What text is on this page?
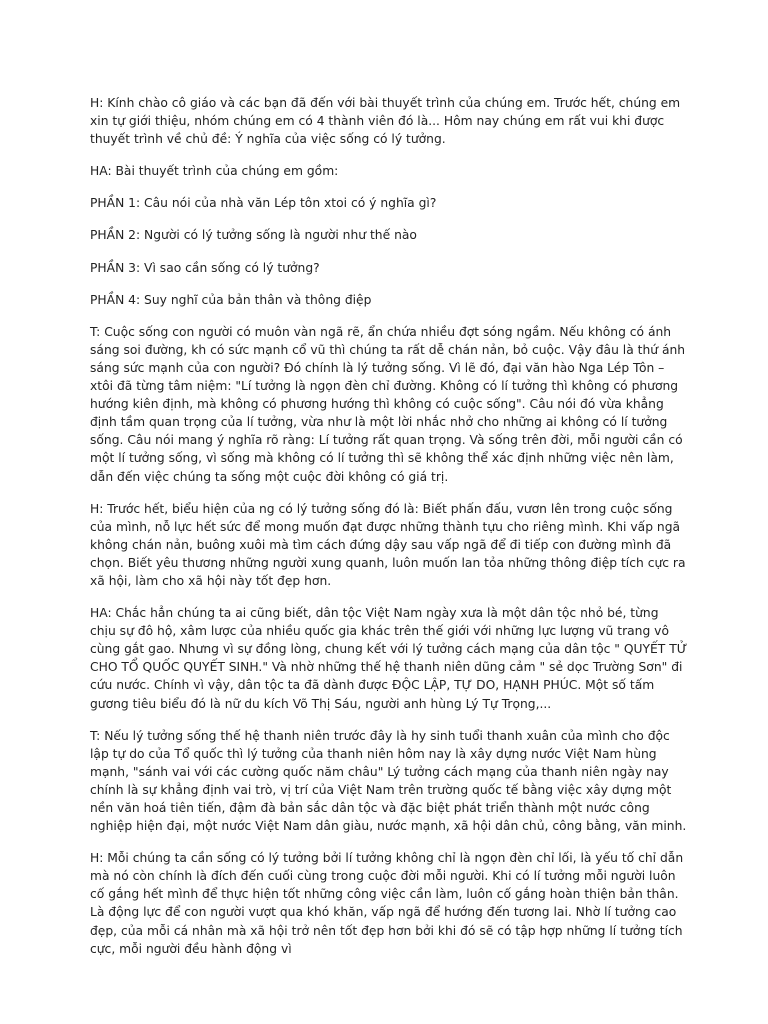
H: Kính chào cô giáo và các bạn đã đến với bài thuyết trình của chúng em. Trước hết, chúng em xin tự giới thiệu, nhóm chúng em có 4 thành viên đó là... Hôm nay chúng em rất vui khi được thuyết trình về chủ đề: Ý nghĩa của việc sống có lý tưởng.

HA: Bài thuyết trình của chúng em gồm:

PHẦN 1: Câu nói của nhà văn Lép tôn xtoi có ý nghĩa gì?

PHẦN 2: Người có lý tưởng sống là người như thế nào

PHẦN 3: Vì sao cần sống có lý tưởng?

PHẦN 4: Suy nghĩ của bản thân và thông điệp

T: Cuộc sống con người có muôn vàn ngã rẽ, ẩn chứa nhiều đợt sóng ngầm. Nếu không có ánh sáng soi đường, kh có sức mạnh cổ vũ thì chúng ta rất dễ chán nản, bỏ cuộc. Vậy đâu là thứ ánh sáng sức mạnh của con người? Đó chính là lý tưởng sống. Vì lẽ đó, đại văn hào Nga Lép Tôn – xtôi đã từng tâm niệm: "Lí tưởng là ngọn đèn chỉ đường. Không có lí tưởng thì không có phương hướng kiên định, mà không có phương hướng thì không có cuộc sống". Câu nói đó vừa khẳng định tầm quan trọng của lí tưởng, vừa như là một lời nhắc nhở cho những ai không có lí tưởng sống. Câu nói mang ý nghĩa rõ ràng: Lí tưởng rất quan trọng. Và sống trên đời, mỗi người cần có một lí tưởng sống, vì sống mà không có lí tưởng thì sẽ không thể xác định những việc nên làm, dẫn đến việc chúng ta sống một cuộc đời không có giá trị.

H: Trước hết, biểu hiện của ng có lý tưởng sống đó là: Biết phấn đấu, vươn lên trong cuộc sống của mình, nỗ lực hết sức để mong muốn đạt được những thành tựu cho riêng mình. Khi vấp ngã không chán nản, buông xuôi mà tìm cách đứng dậy sau vấp ngã để đi tiếp con đường mình đã chọn. Biết yêu thương những người xung quanh, luôn muốn lan tỏa những thông điệp tích cực ra xã hội, làm cho xã hội này tốt đẹp hơn.

HA: Chắc hẳn chúng ta ai cũng biết, dân tộc Việt Nam ngày xưa là một dân tộc nhỏ bé, từng chịu sự đô hộ, xâm lược của nhiều quốc gia khác trên thế giới với những lực lượng vũ trang vô cùng gắt gao. Nhưng vì sự đồng lòng, chung kết với lý tưởng cách mạng của dân tộc " QUYẾT TỬ CHO TỔ QUỐC QUYẾT SINH." Và nhờ những thế hệ thanh niên dũng cảm " sẻ dọc Trường Sơn" đi cứu nước. Chính vì vậy, dân tộc ta đã dành được ĐỘC LẬP, TỰ DO, HẠNH PHÚC. Một số tấm gương tiêu biểu đó là nữ du kích Võ Thị Sáu, người anh hùng Lý Tự Trọng,...

T: Nếu lý tưởng sống thế hệ thanh niên trước đây là hy sinh tuổi thanh xuân của mình cho độc lập tự do của Tổ quốc thì lý tưởng của thanh niên hôm nay là xây dựng nước Việt Nam hùng mạnh, "sánh vai với các cường quốc năm châu" Lý tưởng cách mạng của thanh niên ngày nay chính là sự khẳng định vai trò, vị trí của Việt Nam trên trường quốc tế bằng việc xây dựng một nền văn hoá tiên tiến, đậm đà bản sắc dân tộc và đặc biệt phát triển thành một nước công nghiệp hiện đại, một nước Việt Nam dân giàu, nước mạnh, xã hội dân chủ, công bằng, văn minh.

H: Mỗi chúng ta cần sống có lý tưởng bởi lí tưởng không chỉ là ngọn đèn chỉ lối, là yếu tố chỉ dẫn mà nó còn chính là đích đến cuối cùng trong cuộc đời mỗi người. Khi có lí tưởng mỗi người luôn cố gắng hết mình để thực hiện tốt những công việc cần làm, luôn cố gắng hoàn thiện bản thân. Là động lực để con người vượt qua khó khăn, vấp ngã để hướng đến tương lai. Nhờ lí tưởng cao đẹp, của mỗi cá nhân mà xã hội trở nên tốt đẹp hơn bởi khi đó sẽ có tập hợp những lí tưởng tích cực, mỗi người đều hành động vì
